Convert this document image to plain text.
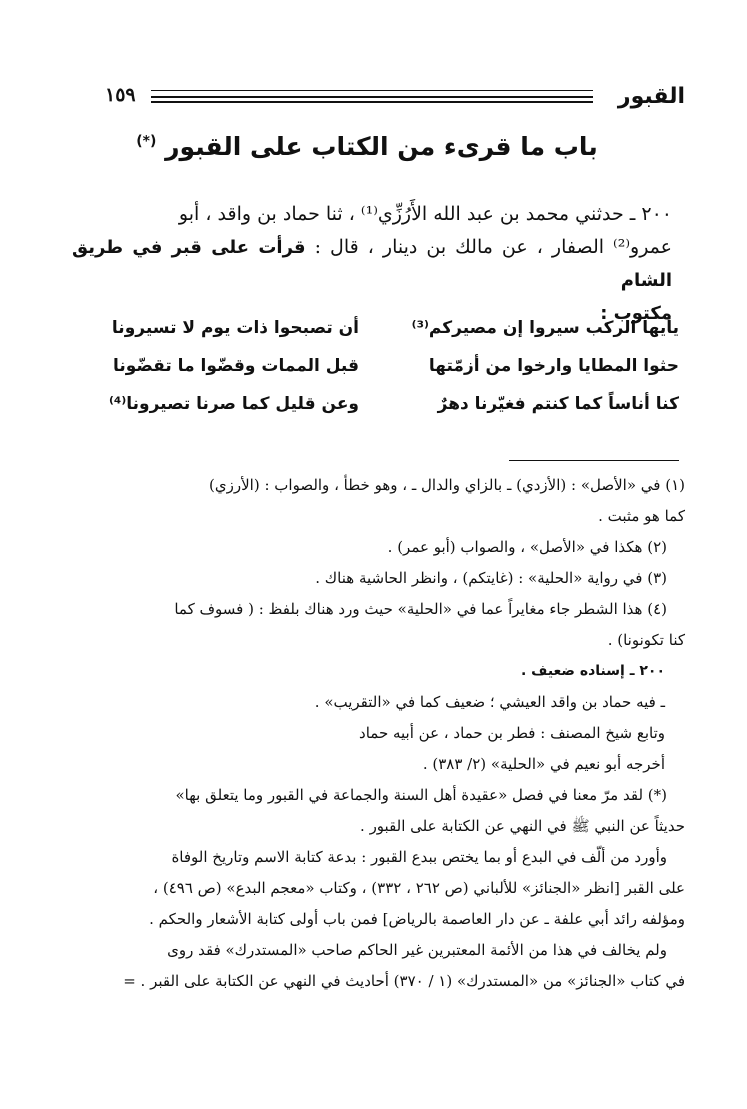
القبور
١٥٩
باب ما قرىء من الكتاب على القبور (*)

٢٠٠ ـ حدثني محمد بن عبد الله الأَرُزِّي⁽¹⁾ ، ثنا حماد بن واقد ، أبو

عمرو⁽²⁾ الصفار ، عن مالك بن دينار ، قال : قرأت على قبر في طريق الشام

مكتوب :

يأيها الركب سيروا إن مصيركم⁽³⁾
أن تصبحوا ذات يوم لا تسيرونا
حثوا المطايا وارخوا من أزمّتها
قبل الممات وقضّوا ما تقضّونا
كنا أناساً كما كنتم فغيّرنا دهرٌ
وعن قليل كما صرنا تصيرونا⁽⁴⁾

(١) في «الأصل» : (الأزدي) ـ بالزاي والدال ـ ، وهو خطأ ، والصواب : (الأرزي)

كما هو مثبت .

(٢) هكذا في «الأصل» ، والصواب (أبو عمر) .

(٣) في رواية «الحلية» : (غايتكم) ، وانظر الحاشية هناك .

(٤) هذا الشطر جاء مغايراً عما في «الحلية» حيث ورد هناك بلفظ : ( فسوف كما

كنا تكونونا) .

٢٠٠ ـ إسناده ضعيف .

ـ فيه حماد بن واقد العيشي ؛ ضعيف كما في «التقريب» .

وتابع شيخ المصنف : فطر بن حماد ، عن أبيه حماد

أخرجه أبو نعيم في «الحلية» (٢/ ٣٨٣) .

(*) لقد مرّ معنا في فصل «عقيدة أهل السنة والجماعة في القبور وما يتعلق بها»

حديثاً عن النبي ﷺ في النهي عن الكتابة على القبور .

وأورد من ألّف في البدع أو بما يختص ببدع القبور : بدعة كتابة الاسم وتاريخ الوفاة

على القبر [انظر «الجنائز» للألباني (ص ٢٦٢ ، ٣٣٢) ، وكتاب «معجم البدع» (ص ٤٩٦) ،

ومؤلفه رائد أبي علفة ـ عن دار العاصمة بالرياض] فمن باب أولى كتابة الأشعار والحكم .

ولم يخالف في هذا من الأئمة المعتبرين غير الحاكم صاحب «المستدرك» فقد روى

في كتاب «الجنائز» من «المستدرك» (١ / ٣٧٠) أحاديث في النهي عن الكتابة على القبر . =
